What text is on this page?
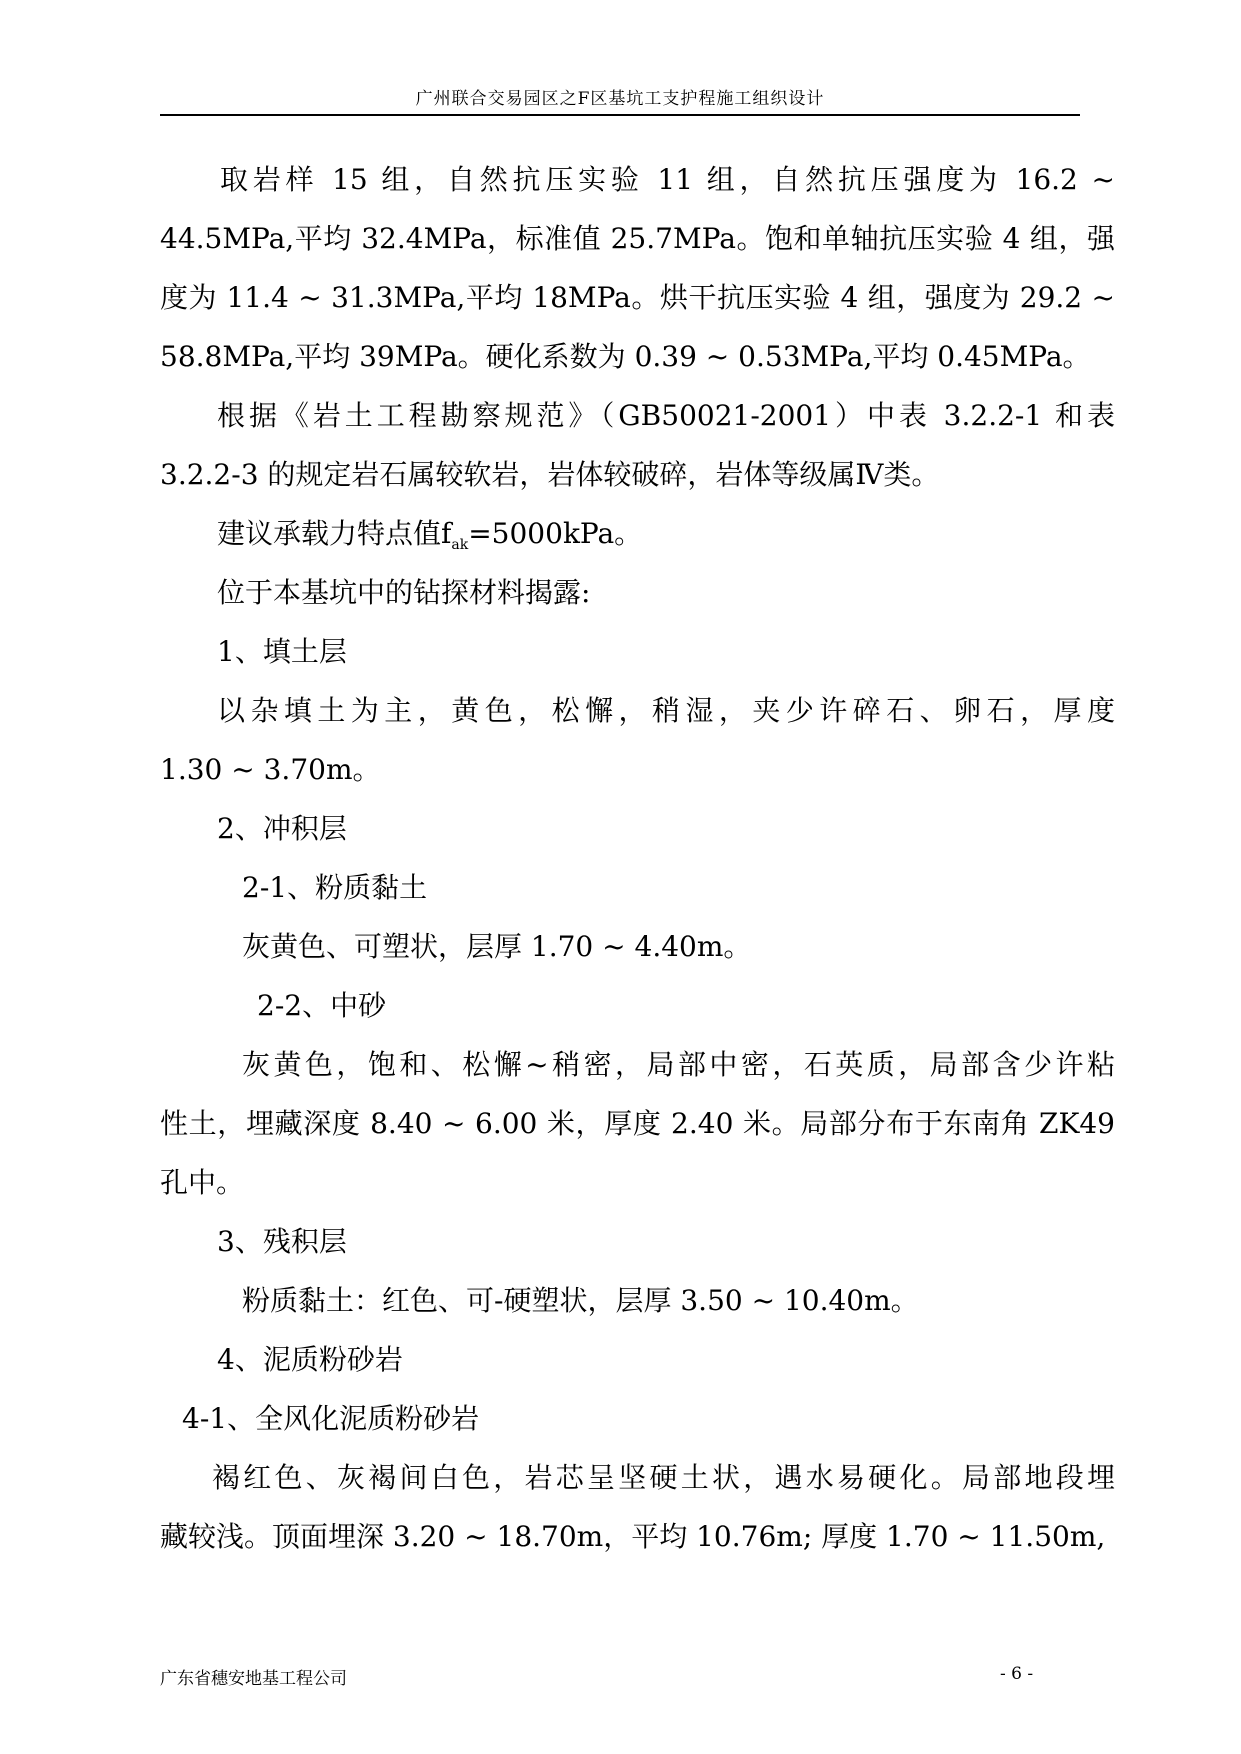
广州联合交易园区之F区基坑工支护程施工组织设计
取岩样 15 组，自然抗压实验 11 组，自然抗压强度为 16.2 ~
44.5MPa,平均 32.4MPa，标准值 25.7MPa。饱和单轴抗压实验 4 组，强
度为 11.4 ~ 31.3MPa,平均 18MPa。烘干抗压实验 4 组，强度为 29.2 ~
58.8MPa,平均 39MPa。硬化系数为 0.39 ~ 0.53MPa,平均 0.45MPa。
根据《岩土工程勘察规范》（GB50021-2001）中表 3.2.2-1 和表
3.2.2-3 的规定岩石属较软岩，岩体较破碎，岩体等级属Ⅳ类。
建议承载力特点值$f_{ak}=5000kPa$。
位于本基坑中的钻探材料揭露:
1、填土层
以杂填土为主，黄色，松懈，稍湿，夹少许碎石、卵石，厚度
1.30 ~ 3.70m。
2、冲积层
2-1、粉质黏土
灰黄色、可塑状，层厚 1.70 ~ 4.40m。
2-2、中砂
灰黄色，饱和、松懈~稍密，局部中密，石英质，局部含少许粘
性土，埋藏深度 8.40 ~ 6.00 米，厚度 2.40 米。局部分布于东南角 ZK49
孔中。
3、残积层
粉质黏土：红色、可-硬塑状，层厚 3.50 ~ 10.40m。
4、泥质粉砂岩
4-1、全风化泥质粉砂岩
褐红色、灰褐间白色，岩芯呈坚硬土状，遇水易硬化。局部地段埋
藏较浅。顶面埋深 3.20 ~ 18.70m，平均 10.76m; 厚度 1.70 ~ 11.50m,
广东省穗安地基工程公司	- 6 -
